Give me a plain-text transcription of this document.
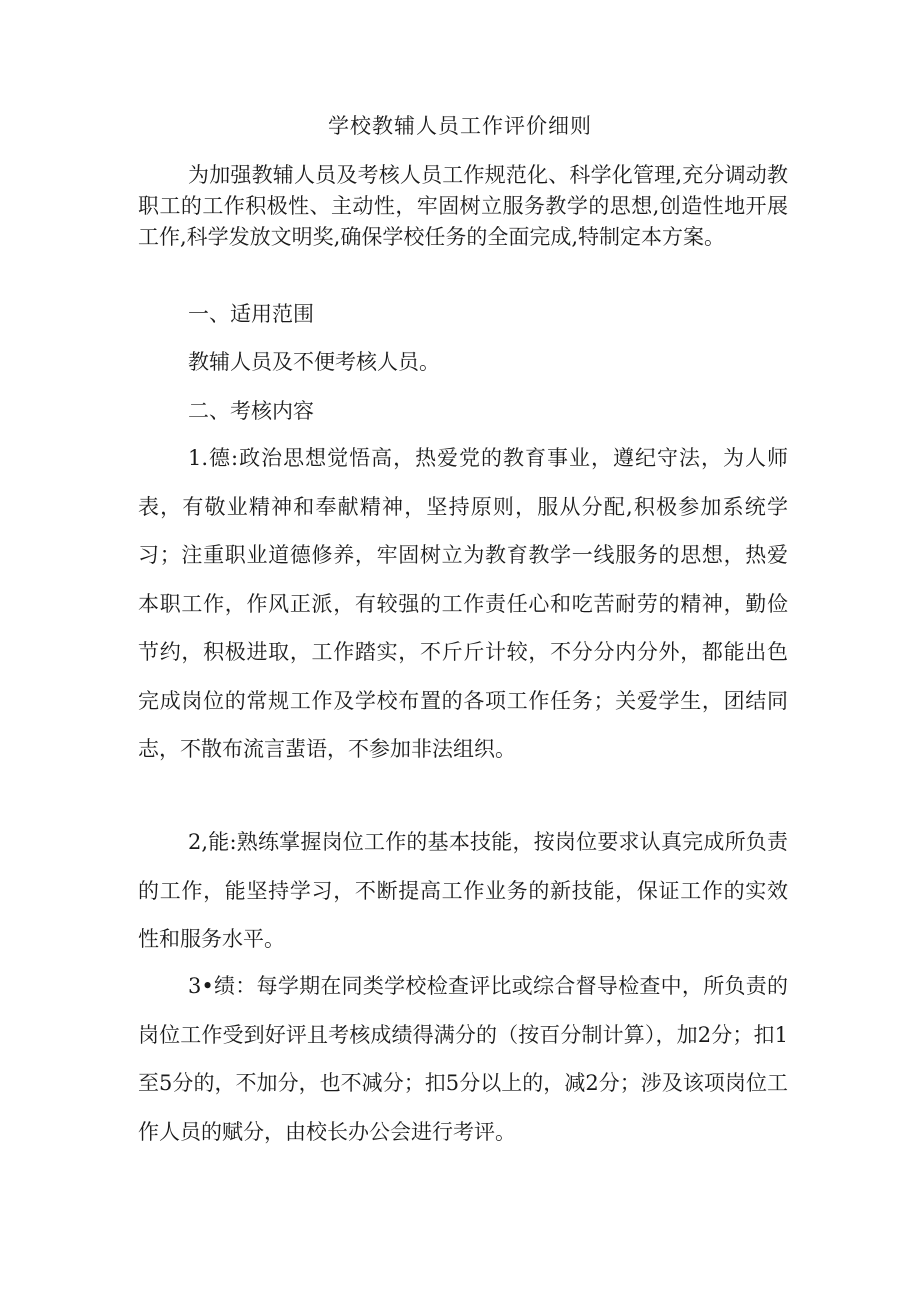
学校教辅人员工作评价细则

为加强教辅人员及考核人员工作规范化、科学化管理,充分调动教职工的工作积极性、主动性，牢固树立服务教学的思想,创造性地开展工作,科学发放文明奖,确保学校任务的全面完成,特制定本方案。

一、适用范围

教辅人员及不便考核人员。

二、考核内容

1.德:政治思想觉悟高，热爱党的教育事业，遵纪守法，为人师表，有敬业精神和奉献精神，坚持原则，服从分配,积极参加系统学习；注重职业道德修养，牢固树立为教育教学一线服务的思想，热爱本职工作，作风正派，有较强的工作责任心和吃苦耐劳的精神，勤俭节约，积极进取，工作踏实，不斤斤计较，不分分内分外，都能出色完成岗位的常规工作及学校布置的各项工作任务；关爱学生，团结同志，不散布流言蜚语，不参加非法组织。

2,能:熟练掌握岗位工作的基本技能，按岗位要求认真完成所负责的工作，能坚持学习，不断提高工作业务的新技能，保证工作的实效性和服务水平。

3•绩：每学期在同类学校检查评比或综合督导检查中，所负责的岗位工作受到好评且考核成绩得满分的（按百分制计算），加2分；扣1至5分的，不加分，也不减分；扣5分以上的，减2分；涉及该项岗位工作人员的赋分，由校长办公会进行考评。
